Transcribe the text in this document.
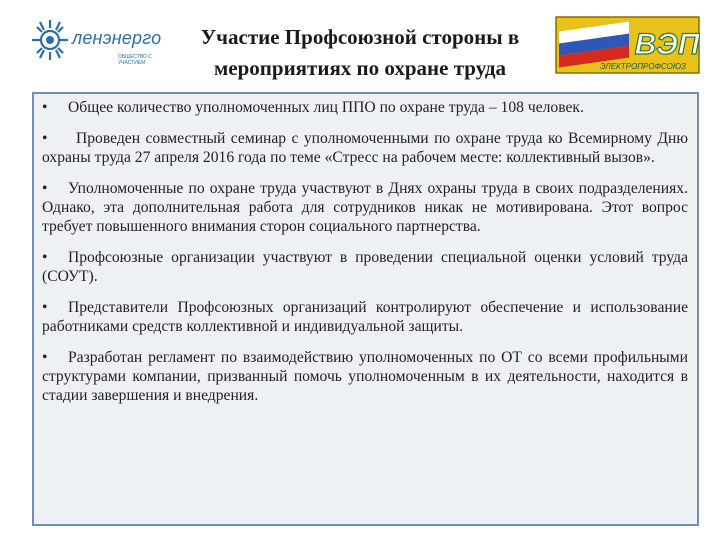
ленэнерго
ОБЩЕСТВО С УЧАСТИЕМ
Участие Профсоюзной стороны в
мероприятиях по охране труда
ВЭП
ЭЛЕКТРОПРОФСОЮЗ

• Общее количество уполномоченных лиц ППО по охране труда – 108 человек.

• Проведен совместный семинар с уполномоченными по охране труда ко Всемирному Дню охраны труда 27 апреля 2016 года по теме «Стресс на рабочем месте: коллективный вызов».

• Уполномоченные по охране труда участвуют в Днях охраны труда в своих подразделениях. Однако, эта дополнительная работа для сотрудников никак не мотивирована. Этот вопрос требует повышенного внимания сторон социального партнерства.

• Профсоюзные организации участвуют в проведении специальной оценки условий труда (СОУТ).

• Представители Профсоюзных организаций контролируют обеспечение и использование работниками средств коллективной и индивидуальной защиты.

• Разработан регламент по взаимодействию уполномоченных по ОТ со всеми профильными структурами компании, призванный помочь уполномоченным в их деятельности, находится в стадии завершения и внедрения.
